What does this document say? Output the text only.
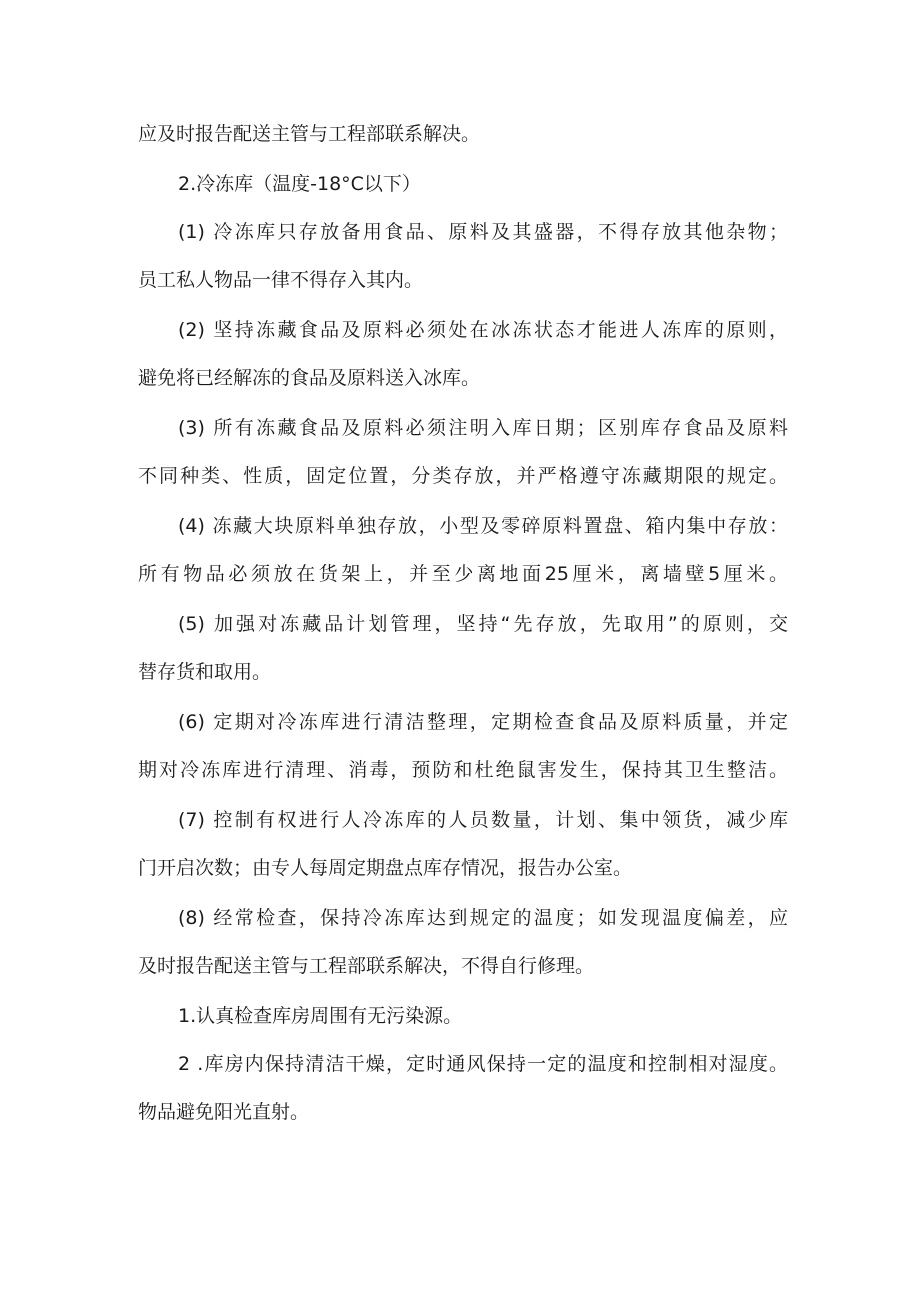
应及时报告配送主管与工程部联系解决。
2.冷冻库（温度-18°C以下）
(1) 冷冻库只存放备用食品、原料及其盛器，不得存放其他杂物；
员工私人物品一律不得存入其内。
(2) 坚持冻藏食品及原料必须处在冰冻状态才能进人冻库的原则，
避免将已经解冻的食品及原料送入冰库。
(3) 所有冻藏食品及原料必须注明入库日期；区别库存食品及原料
不同种类、性质，固定位置，分类存放，并严格遵守冻藏期限的规定。
(4) 冻藏大块原料单独存放，小型及零碎原料置盘、箱内集中存放：
所有物品必须放在货架上，并至少离地面25厘米，离墙壁5厘米。
(5) 加强对冻藏品计划管理，坚持“先存放，先取用”的原则，交
替存货和取用。
(6) 定期对冷冻库进行清洁整理，定期检查食品及原料质量，并定
期对冷冻库进行清理、消毒，预防和杜绝鼠害发生，保持其卫生整洁。
(7) 控制有权进行人冷冻库的人员数量，计划、集中领货，减少库
门开启次数；由专人每周定期盘点库存情况，报告办公室。
(8) 经常检查，保持冷冻库达到规定的温度；如发现温度偏差，应
及时报告配送主管与工程部联系解决，不得自行修理。
1.认真检查库房周围有无污染源。
2 .库房内保持清洁干燥，定时通风保持一定的温度和控制相对湿度。
物品避免阳光直射。
